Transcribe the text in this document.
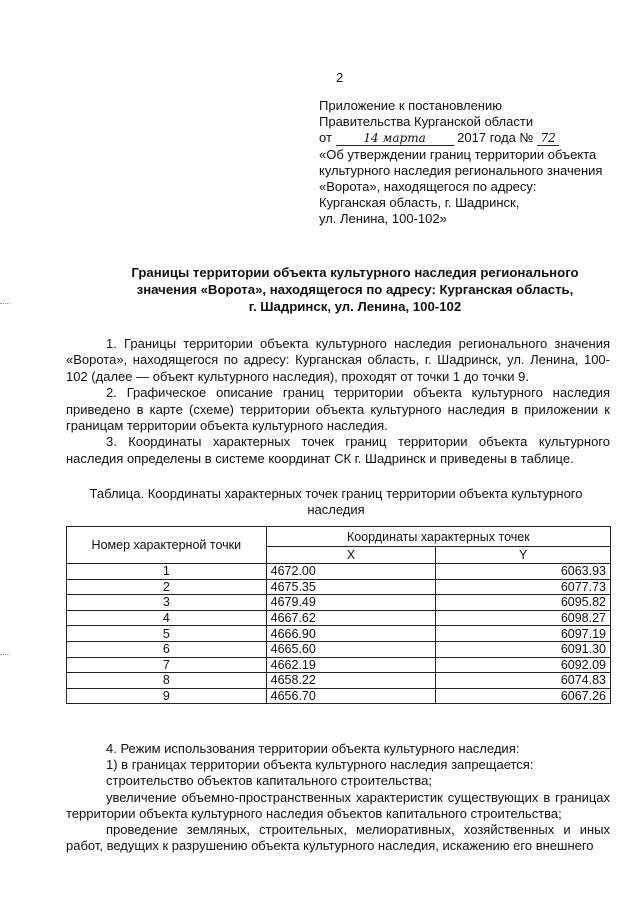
2
Приложение к постановлению
Правительства Курганской области
от	14 марта 2017 года № 72
«Об утверждении границ территории объекта
культурного наследия регионального значения
«Ворота», находящегося по адресу:
Курганская область, г. Шадринск,
ул. Ленина, 100-102»
Границы территории объекта культурного наследия регионального
значения «Ворота», находящегося по адресу: Курганская область,
г. Шадринск, ул. Ленина, 100-102

1. Границы территории объекта культурного наследия регионального значения «Ворота», находящегося по адресу: Курганская область, г. Шадринск, ул. Ленина, 100-102 (далее — объект культурного наследия), проходят от точки 1 до точки 9.

2. Графическое описание границ территории объекта культурного наследия приведено в карте (схеме) территории объекта культурного наследия в приложении к границам территории объекта культурного наследия.

3. Координаты характерных точек границ территории объекта культурного наследия определены в системе координат СК г. Шадринск и приведены в таблице.

Таблица. Координаты характерных точек границ территории объекта культурного наследия
Номер характерной точки	Координаты характерных точек	
	X	Y
1	4672.00	6063.93
2	4675.35	6077.73
3	4679.49	6095.82
4	4667.62	6098.27
5	4666.90	6097.19
6	4665.60	6091.30
7	4662.19	6092.09
8	4658.22	6074.83
9	4656.70	6067.26

4. Режим использования территории объекта культурного наследия:

1) в границах территории объекта культурного наследия запрещается:

строительство объектов капитального строительства;

увеличение объемно-пространственных характеристик существующих в границах территории объекта культурного наследия объектов капитального строительства;

проведение земляных, строительных, мелиоративных, хозяйственных и иных работ, ведущих к разрушению объекта культурного наследия, искажению его внешнего
